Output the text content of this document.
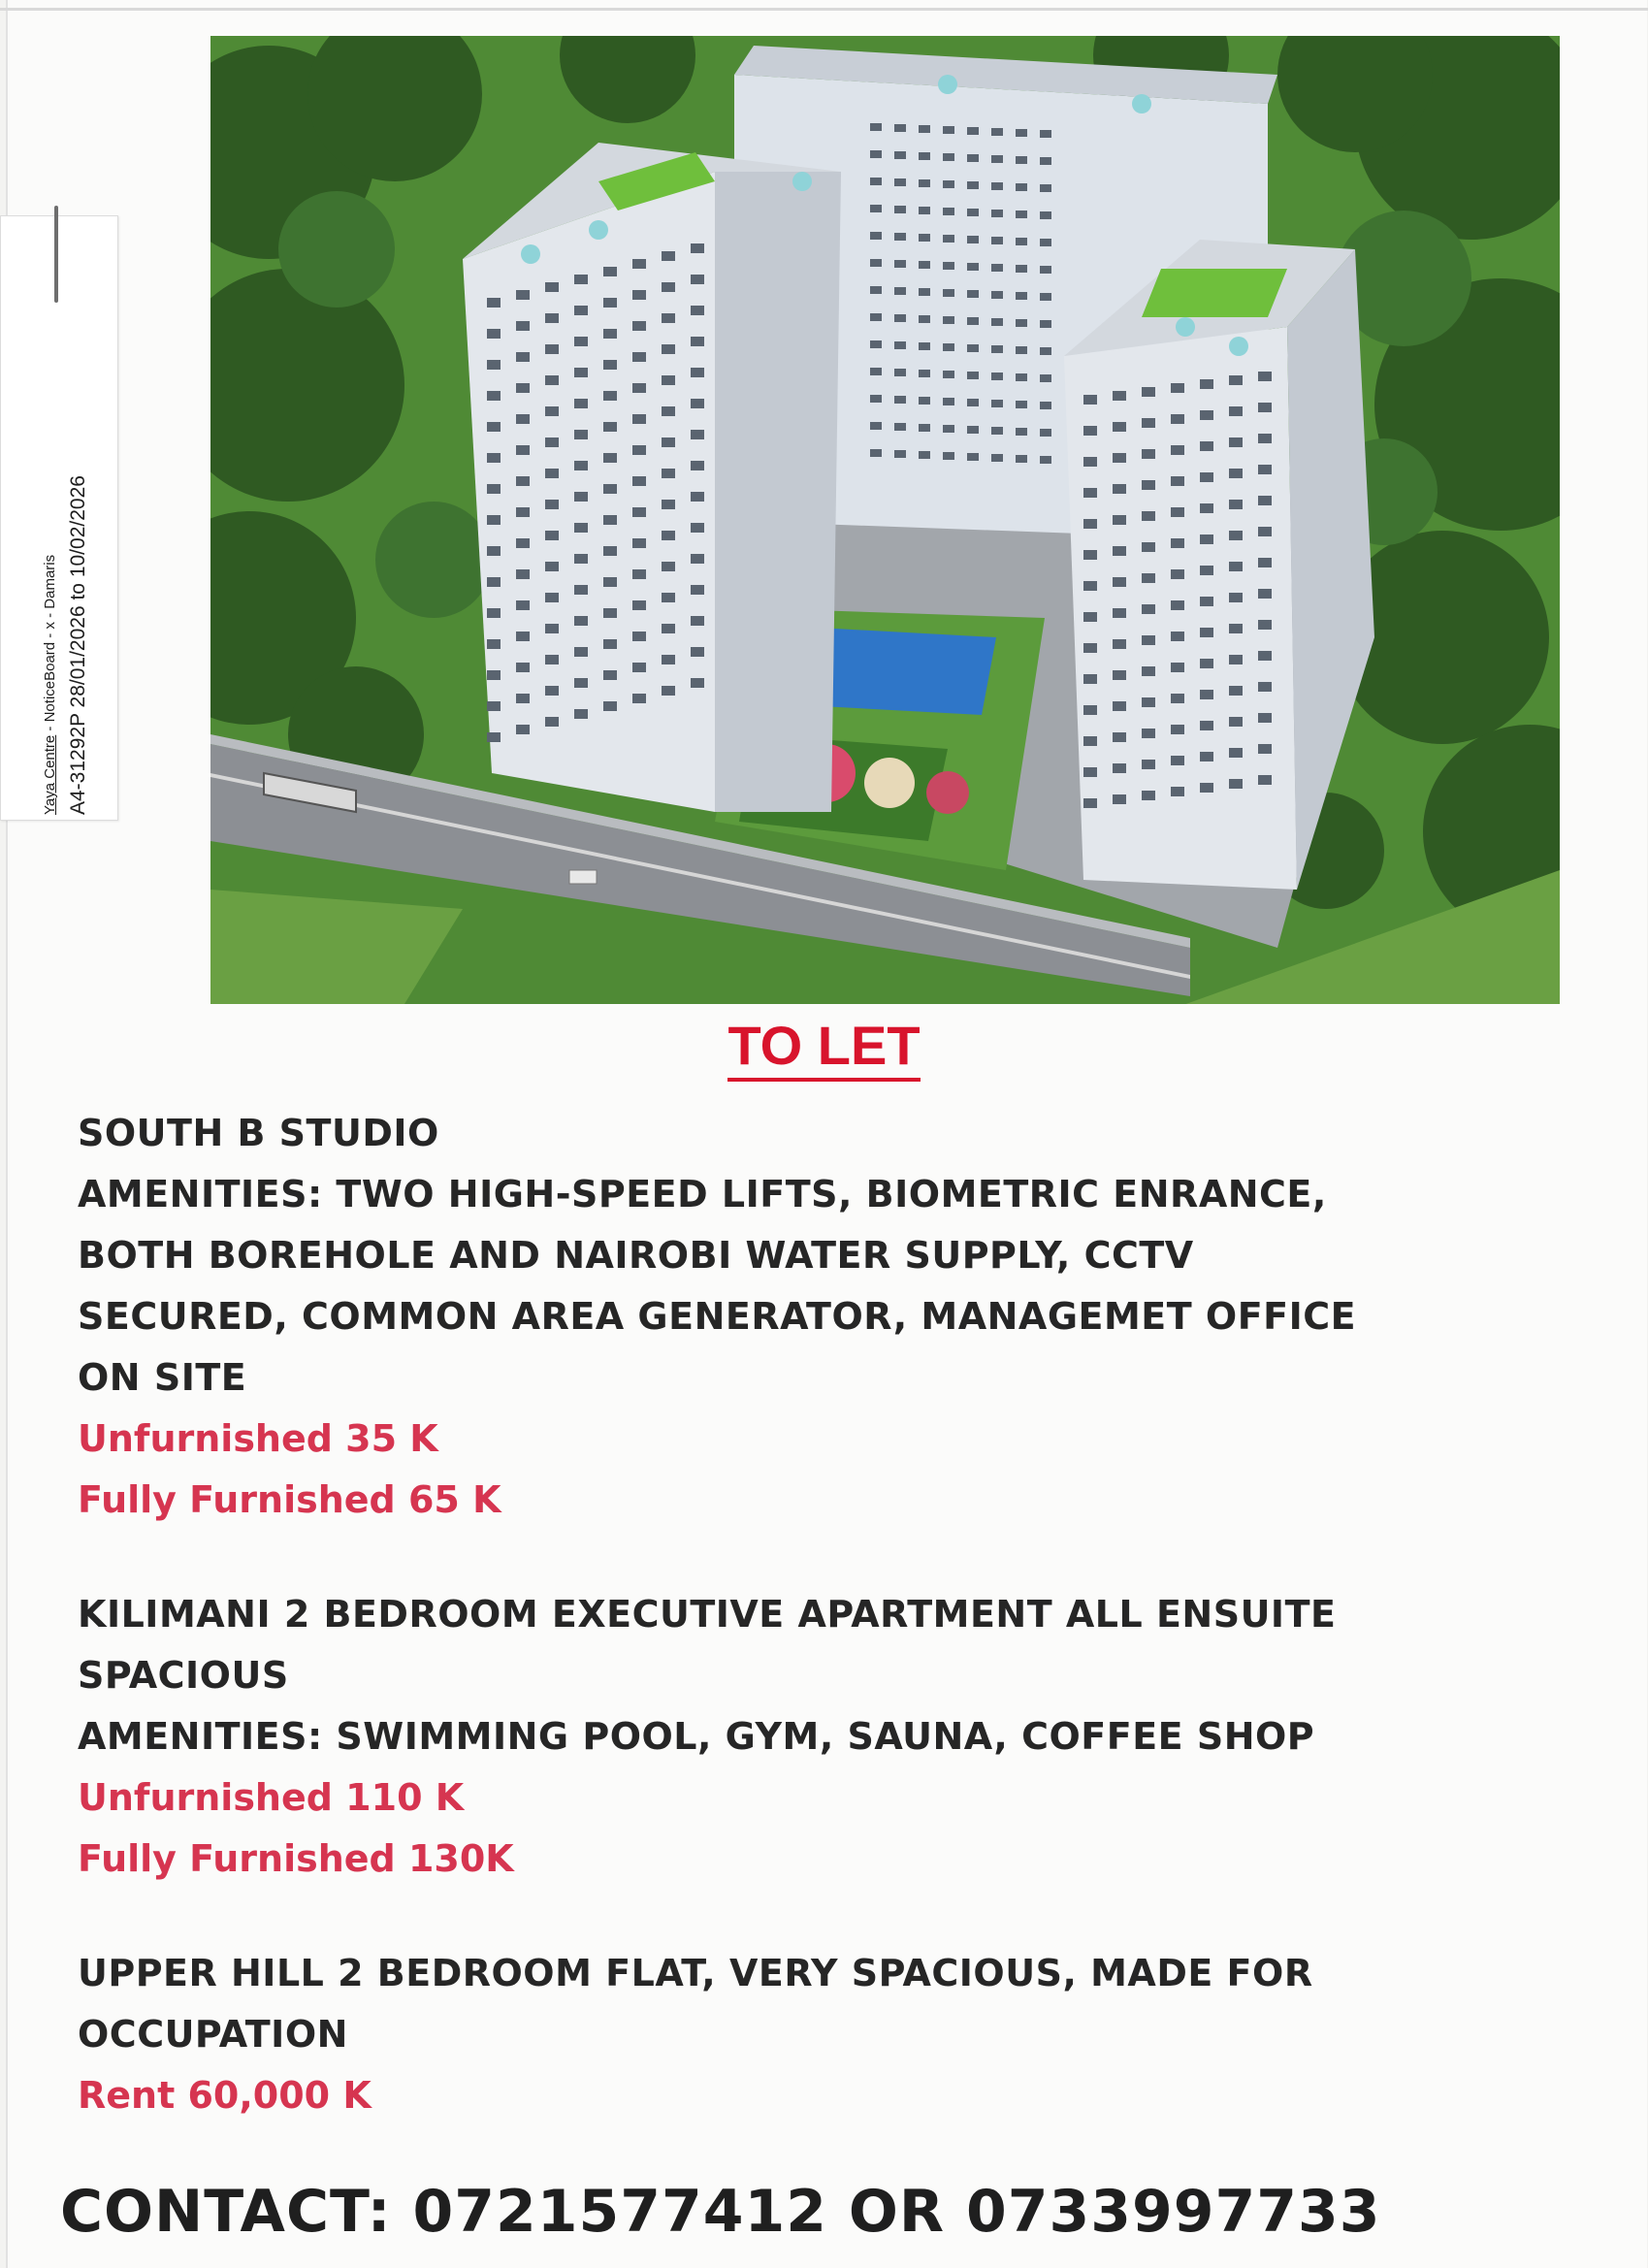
Yaya Centre - NoticeBoard - x - Damaris A4-31292P 28/01/2026 to 10/02/2026
TO LET
SOUTH B STUDIO
AMENITIES: TWO HIGH-SPEED LIFTS, BIOMETRIC ENRANCE,
BOTH BOREHOLE AND NAIROBI WATER SUPPLY, CCTV
SECURED, COMMON AREA GENERATOR, MANAGEMET OFFICE
ON SITE
Unfurnished 35 K
Fully Furnished 65 K
KILIMANI 2 BEDROOM EXECUTIVE APARTMENT ALL ENSUITE
SPACIOUS
AMENITIES: SWIMMING POOL, GYM, SAUNA, COFFEE SHOP
Unfurnished 110 K
Fully Furnished 130K
UPPER HILL 2 BEDROOM FLAT, VERY SPACIOUS, MADE FOR
OCCUPATION
Rent 60,000 K
CONTACT: 0721577412 OR 0733997733
